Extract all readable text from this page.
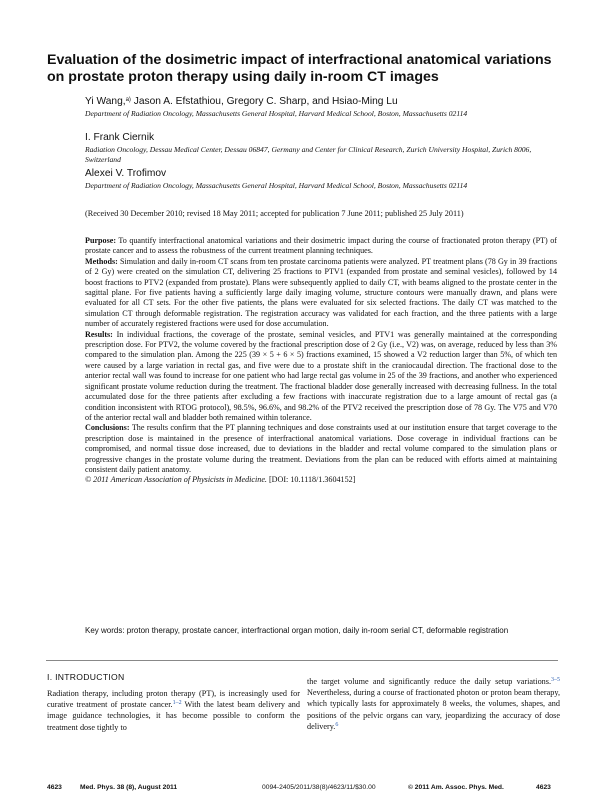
Evaluation of the dosimetric impact of interfractional anatomical variations on prostate proton therapy using daily in-room CT images
Yi Wang,$^{a)}$ Jason A. Efstathiou, Gregory C. Sharp, and Hsiao-Ming Lu
Department of Radiation Oncology, Massachusetts General Hospital, Harvard Medical School, Boston, Massachusetts 02114
I. Frank Ciernik
Radiation Oncology, Dessau Medical Center, Dessau 06847, Germany and Center for Clinical Research, Zurich University Hospital, Zurich 8006, Switzerland
Alexei V. Trofimov
Department of Radiation Oncology, Massachusetts General Hospital, Harvard Medical School, Boston, Massachusetts 02114
(Received 30 December 2010; revised 18 May 2011; accepted for publication 7 June 2011; published 25 July 2011)

Purpose: To quantify interfractional anatomical variations and their dosimetric impact during the course of fractionated proton therapy (PT) of prostate cancer and to assess the robustness of the current treatment planning techniques.

Methods: Simulation and daily in-room CT scans from ten prostate carcinoma patients were analyzed. PT treatment plans (78 Gy in 39 fractions of 2 Gy) were created on the simulation CT, delivering 25 fractions to PTV1 (expanded from prostate and seminal vesicles), followed by 14 boost fractions to PTV2 (expanded from prostate). Plans were subsequently applied to daily CT, with beams aligned to the prostate center in the sagittal plane. For five patients having a sufficiently large daily imaging volume, structure contours were manually drawn, and plans were evaluated for all CT sets. For the other five patients, the plans were evaluated for six selected fractions. The daily CT was matched to the simulation CT through deformable registration. The registration accuracy was validated for each fraction, and the three patients with a large number of accurately registered fractions were used for dose accumulation.

Results: In individual fractions, the coverage of the prostate, seminal vesicles, and PTV1 was generally maintained at the corresponding prescription dose. For PTV2, the volume covered by the fractional prescription dose of 2 Gy (i.e., V2) was, on average, reduced by less than 3% compared to the simulation plan. Among the 225 (39 × 5 + 6 × 5) fractions examined, 15 showed a V2 reduction larger than 5%, of which ten were caused by a large variation in rectal gas, and five were due to a prostate shift in the craniocaudal direction. The fractional dose to the anterior rectal wall was found to increase for one patient who had large rectal gas volume in 25 of the 39 fractions, and another who experienced significant prostate volume reduction during the treatment. The fractional bladder dose generally increased with decreasing fullness. In the total accumulated dose for the three patients after excluding a few fractions with inaccurate registration due to a large amount of rectal gas (a condition inconsistent with RTOG protocol), 98.5%, 96.6%, and 98.2% of the PTV2 received the prescription dose of 78 Gy. The V75 and V70 of the anterior rectal wall and bladder both remained within tolerance.

Conclusions: The results confirm that the PT planning techniques and dose constraints used at our institution ensure that target coverage to the prescription dose is maintained in the presence of interfractional anatomical variations. Dose coverage in individual fractions can be compromised, and normal tissue dose increased, due to deviations in the bladder and rectal volume compared to the simulation plans or progressive changes in the prostate volume during the treatment. Deviations from the plan can be reduced with efforts aimed at maintaining consistent daily patient anatomy.

© 2011 American Association of Physicists in Medicine. [DOI: 10.1118/1.3604152]

Key words: proton therapy, prostate cancer, interfractional organ motion, daily in-room serial CT, deformable registration
I. INTRODUCTION

Radiation therapy, including proton therapy (PT), is increasingly used for curative treatment of prostate cancer.$^{1-2}$ With the latest beam delivery and image guidance technologies, it has become possible to conform the treatment dose tightly to

the target volume and significantly reduce the daily setup variations.$^{3-5}$ Nevertheless, during a course of fractionated photon or proton beam therapy, which typically lasts for approximately 8 weeks, the volumes, shapes, and positions of the pelvic organs can vary, jeopardizing the accuracy of dose delivery.$^6$

4623	Med. Phys. 38 (8), August 2011	0094-2405/2011/38(8)/4623/11/$30.00	© 2011 Am. Assoc. Phys. Med.	4623
